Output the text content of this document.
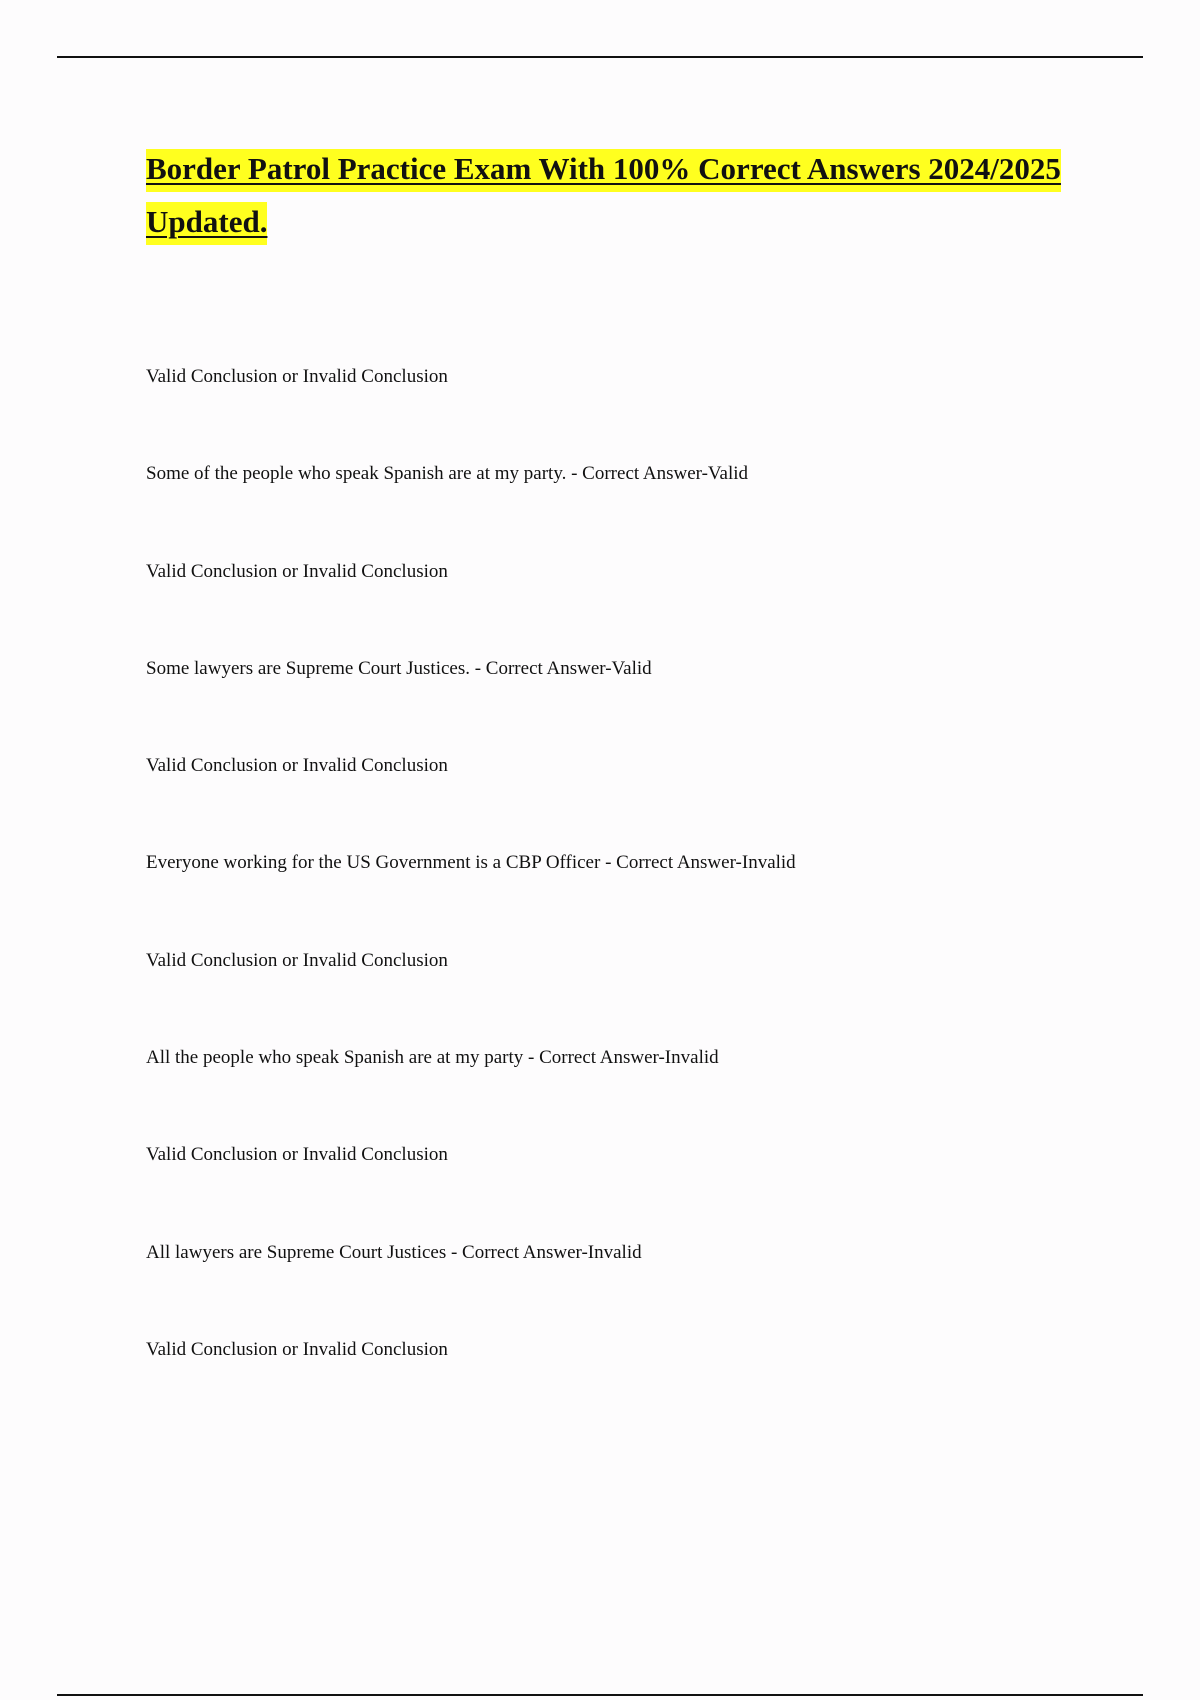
Border Patrol Practice Exam With 100% Correct Answers 2024/2025 Updated.
Valid Conclusion or Invalid Conclusion
Some of the people who speak Spanish are at my party. - Correct Answer-Valid
Valid Conclusion or Invalid Conclusion
Some lawyers are Supreme Court Justices. - Correct Answer-Valid
Valid Conclusion or Invalid Conclusion
Everyone working for the US Government is a CBP Officer - Correct Answer-Invalid
Valid Conclusion or Invalid Conclusion
All the people who speak Spanish are at my party - Correct Answer-Invalid
Valid Conclusion or Invalid Conclusion
All lawyers are Supreme Court Justices - Correct Answer-Invalid
Valid Conclusion or Invalid Conclusion
